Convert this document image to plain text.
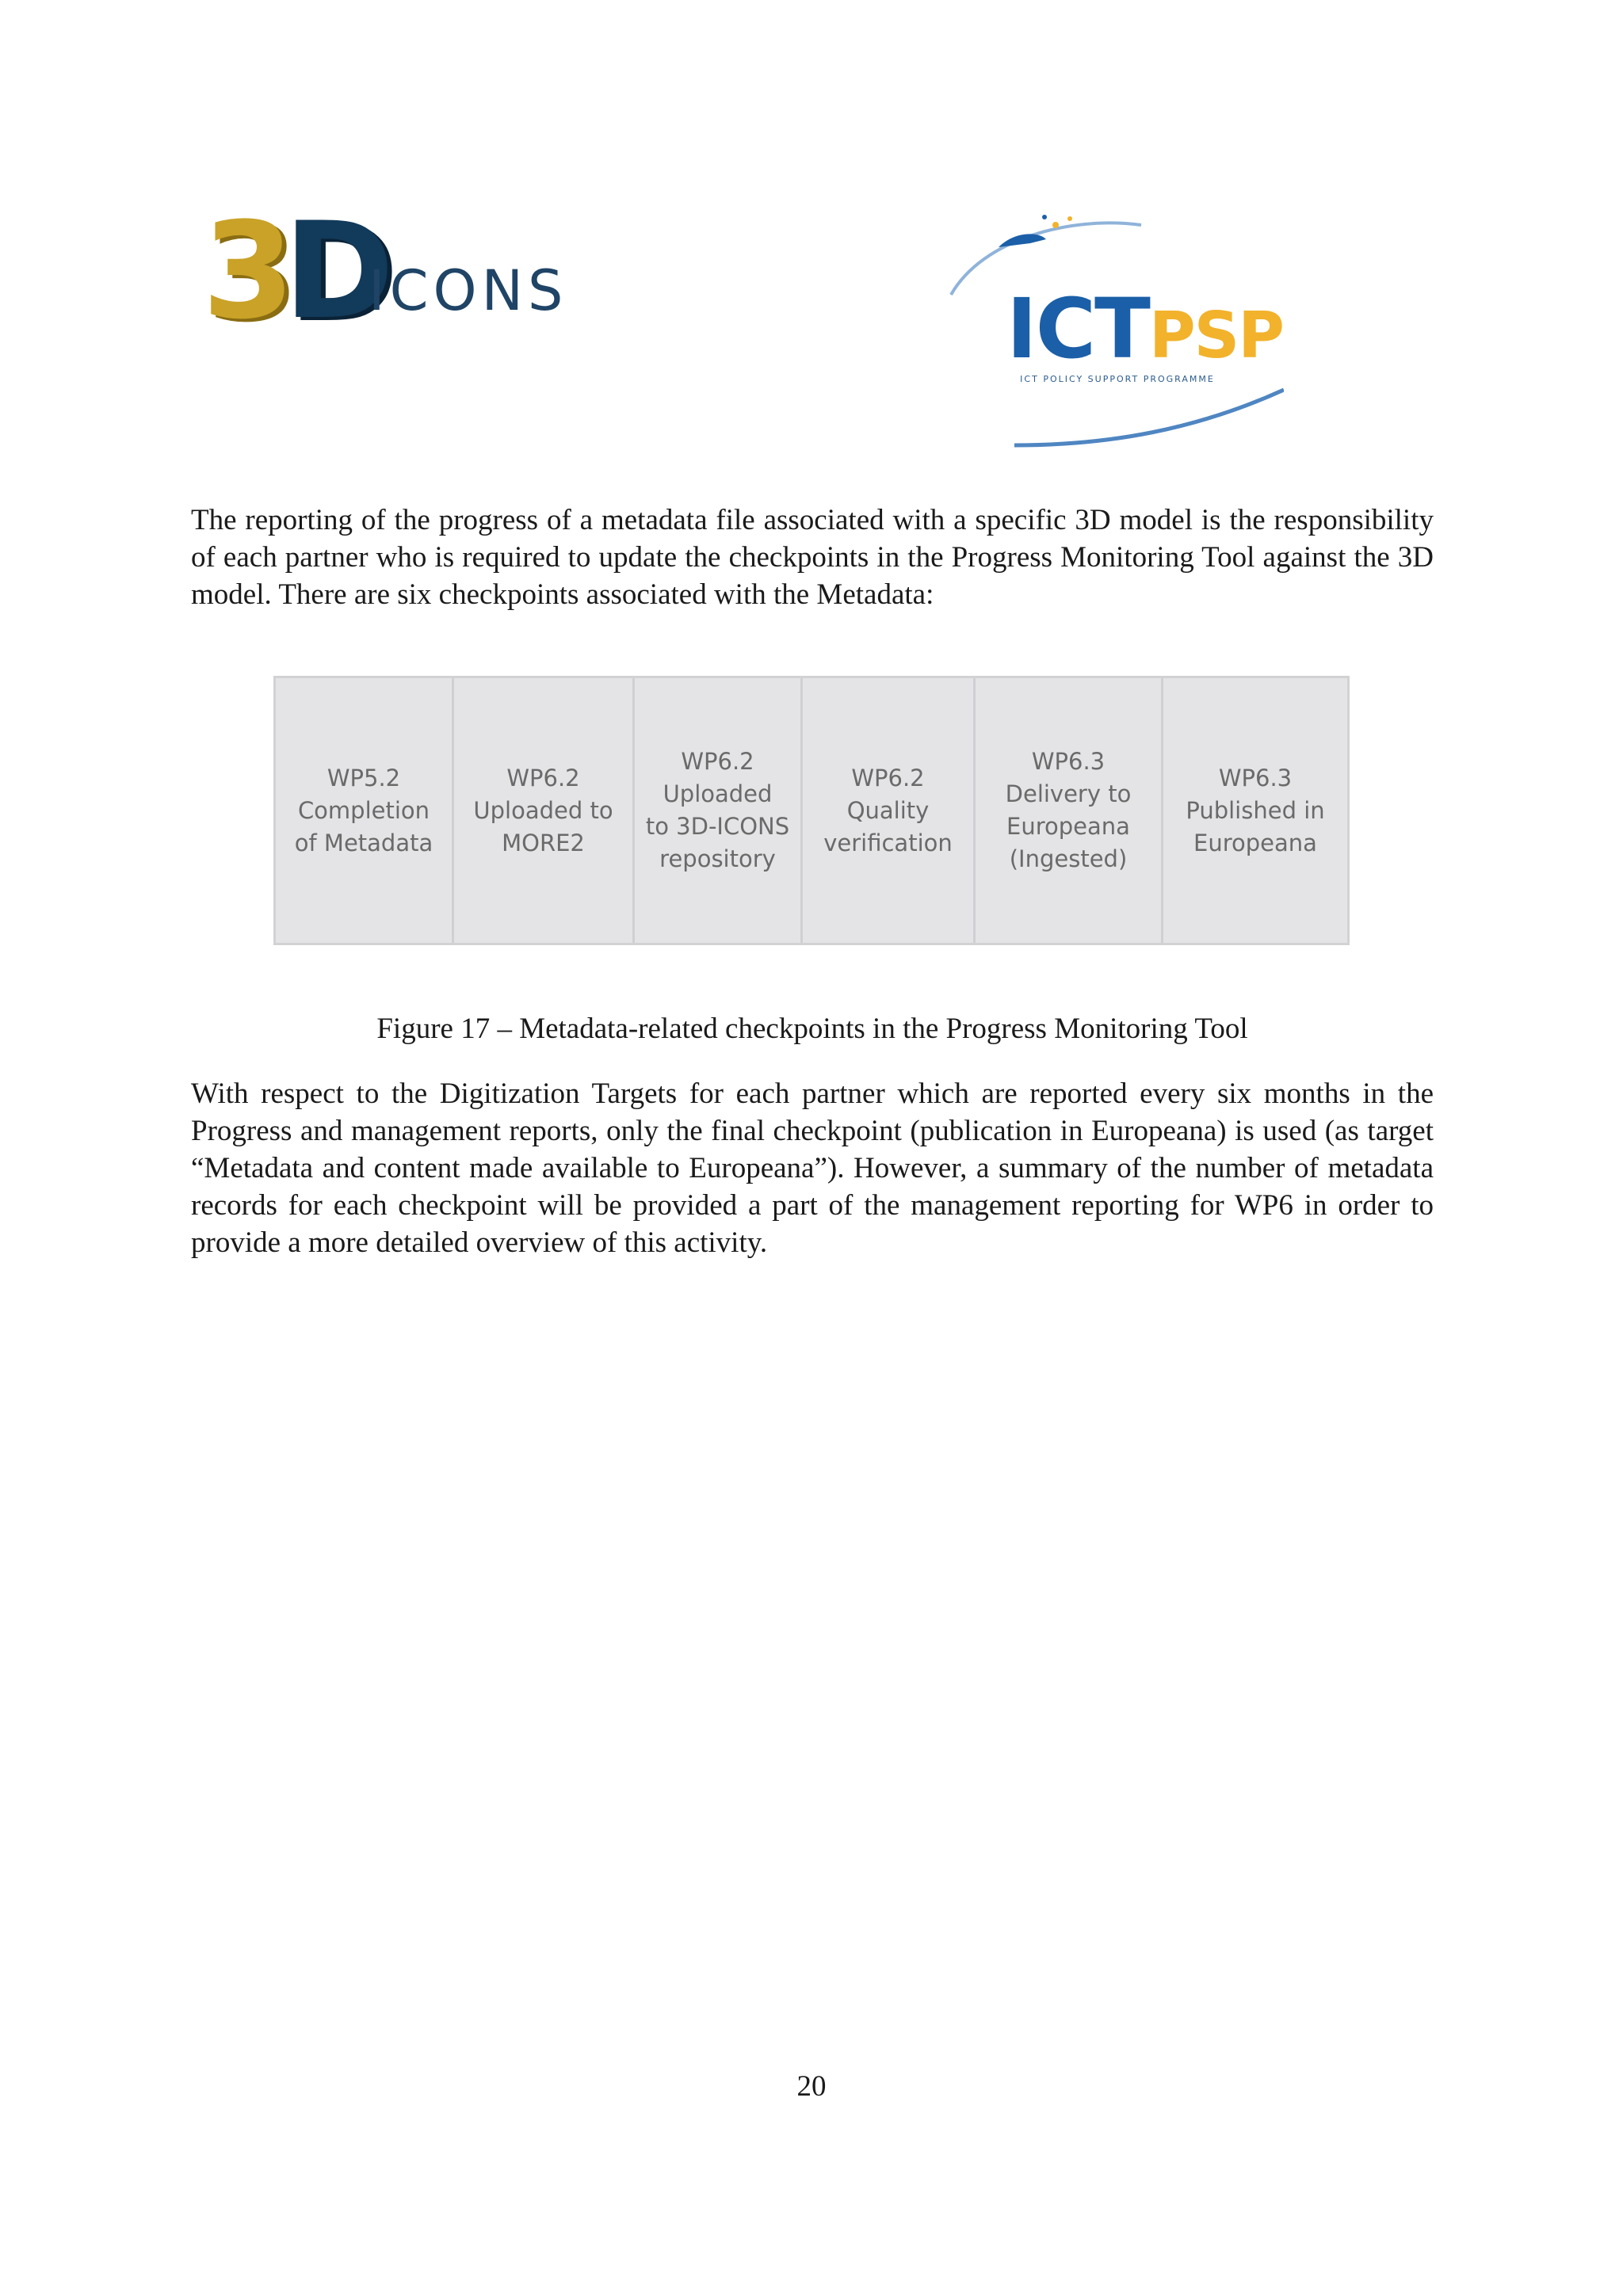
3D
ICONS	ICTPSP
ICT POLICY SUPPORT PROGRAMME
The reporting of the progress of a metadata file associated with a specific 3D model is the responsibility of each partner who is required to update the checkpoints in the Progress Monitoring Tool against the 3D model. There are six checkpoints associated with the Metadata:
WP5.2
Completion
of Metadata
WP6.2
Uploaded to
MORE2
WP6.2
Uploaded
to 3D-ICONS
repository
WP6.2
Quality
verification
WP6.3
Delivery to
Europeana
(Ingested)
WP6.3
Published in
Europeana
Figure 17 – Metadata-related checkpoints in the Progress Monitoring Tool
With respect to the Digitization Targets for each partner which are reported every six months in the Progress and management reports, only the final checkpoint (publication in Europeana) is used (as target “Metadata and content made available to Europeana”). However, a summary of the number of metadata records for each checkpoint will be provided a part of the management reporting for WP6 in order to provide a more detailed overview of this activity.
20
